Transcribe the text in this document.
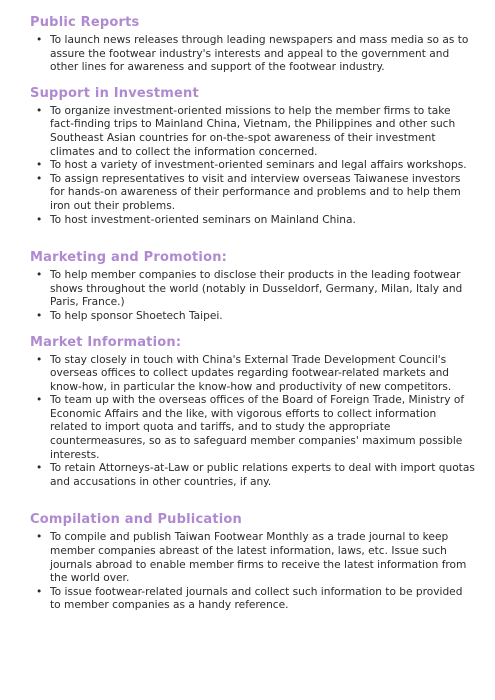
Public Reports
• To launch news releases through leading newspapers and mass media so as to assure the footwear industry's interests and appeal to the government and other lines for awareness and support of the footwear industry.
Support in Investment
• To organize investment-oriented missions to help the member firms to take fact-finding trips to Mainland China, Vietnam, the Philippines and other such Southeast Asian countries for on-the-spot awareness of their investment climates and to collect the information concerned.
• To host a variety of investment-oriented seminars and legal affairs workshops.
• To assign representatives to visit and interview overseas Taiwanese investors for hands-on awareness of their performance and problems and to help them iron out their problems.
• To host investment-oriented seminars on Mainland China.
Marketing and Promotion:
• To help member companies to disclose their products in the leading footwear shows throughout the world (notably in Dusseldorf, Germany, Milan, Italy and Paris, France.)
• To help sponsor Shoetech Taipei.
Market Information:
• To stay closely in touch with China's External Trade Development Council's overseas offices to collect updates regarding footwear-related markets and know-how, in particular the know-how and productivity of new competitors.
• To team up with the overseas offices of the Board of Foreign Trade, Ministry of Economic Affairs and the like, with vigorous efforts to collect information related to import quota and tariffs, and to study the appropriate countermeasures, so as to safeguard member companies' maximum possible interests.
• To retain Attorneys-at-Law or public relations experts to deal with import quotas and accusations in other countries, if any.
Compilation and Publication
• To compile and publish Taiwan Footwear Monthly as a trade journal to keep member companies abreast of the latest information, laws, etc. Issue such journals abroad to enable member firms to receive the latest information from the world over.
• To issue footwear-related journals and collect such information to be provided to member companies as a handy reference.
